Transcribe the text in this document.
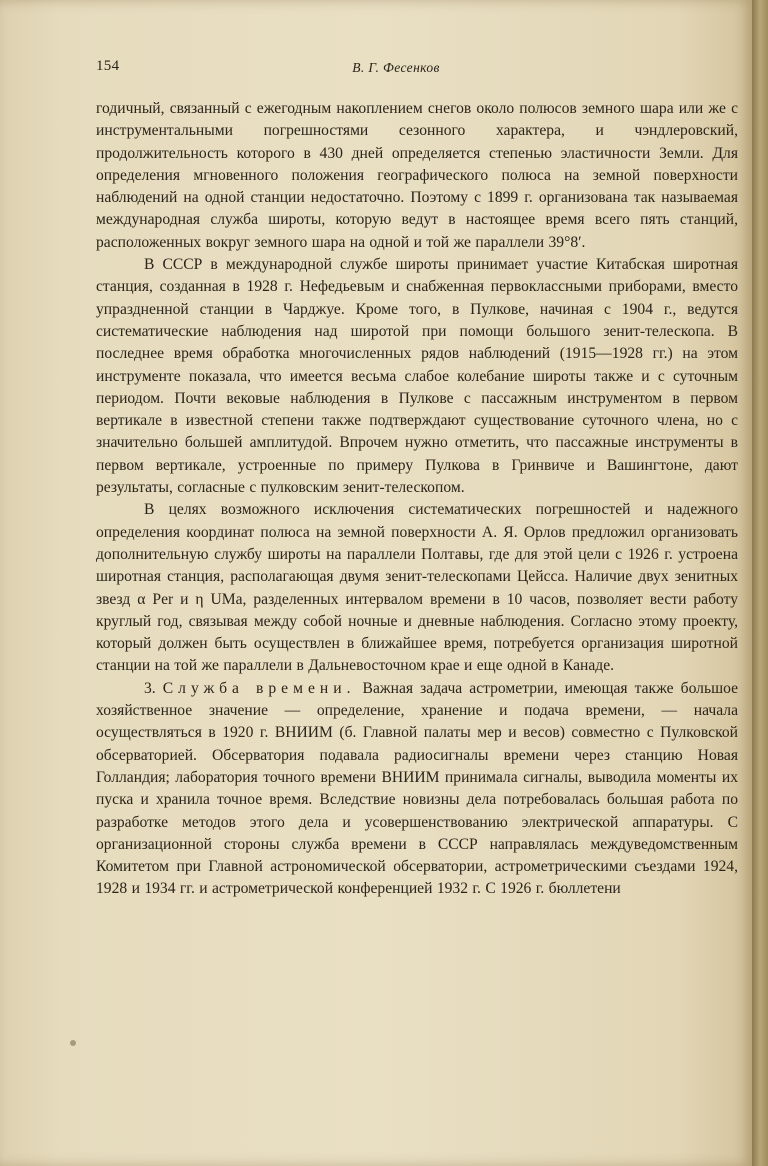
154	В. Г. Фесенков

годичный, связанный с ежегодным накоплением снегов около полюсов земного шара или же с инструментальными погрешностями сезонного характера, и чэндлеровский, продолжительность которого в 430 дней определяется степенью эластичности Земли. Для определения мгновенного положения географического полюса на земной поверхности наблюдений на одной станции недостаточно. Поэтому с 1899 г. организована так называемая международная служба широты, которую ведут в настоящее время всего пять станций, расположенных вокруг земного шара на одной и той же параллели 39°8′.

В СССР в международной службе широты принимает участие Китабская широтная станция, созданная в 1928 г. Нефедьевым и снабженная первоклассными приборами, вместо упраздненной станции в Чарджуе. Кроме того, в Пулкове, начиная с 1904 г., ведутся систематические наблюдения над широтой при помощи большого зенит-телескопа. В последнее время обработка многочисленных рядов наблюдений (1915—1928 гг.) на этом инструменте показала, что имеется весьма слабое колебание широты также и с суточным периодом. Почти вековые наблюдения в Пулкове с пассажным инструментом в первом вертикале в известной степени также подтверждают существование суточного члена, но с значительно большей амплитудой. Впрочем нужно отметить, что пассажные инструменты в первом вертикале, устроенные по примеру Пулкова в Гринвиче и Вашингтоне, дают результаты, согласные с пулковским зенит-телескопом.

В целях возможного исключения систематических погрешностей и надежного определения координат полюса на земной поверхности А. Я. Орлов предложил организовать дополнительную службу широты на параллели Полтавы, где для этой цели с 1926 г. устроена широтная станция, располагающая двумя зенит-телескопами Цейсса. Наличие двух зенитных звезд α Per и η UMa, разделенных интервалом времени в 10 часов, позволяет вести работу круглый год, связывая между собой ночные и дневные наблюдения. Согласно этому проекту, который должен быть осуществлен в ближайшее время, потребуется организация широтной станции на той же параллели в Дальневосточном крае и еще одной в Канаде.

3. Служба времени. Важная задача астрометрии, имеющая также большое хозяйственное значение — определение, хранение и подача времени, — начала осуществляться в 1920 г. ВНИИМ (б. Главной палаты мер и весов) совместно с Пулковской обсерваторией. Обсерватория подавала радиосигналы времени через станцию Новая Голландия; лаборатория точного времени ВНИИМ принимала сигналы, выводила моменты их пуска и хранила точное время. Вследствие новизны дела потребовалась большая работа по разработке методов этого дела и усовершенствованию электрической аппаратуры. С организационной стороны служба времени в СССР направлялась междуведомственным Комитетом при Главной астрономической обсерватории, астрометрическими съездами 1924, 1928 и 1934 гг. и астрометрической конференцией 1932 г. С 1926 г. бюллетени
